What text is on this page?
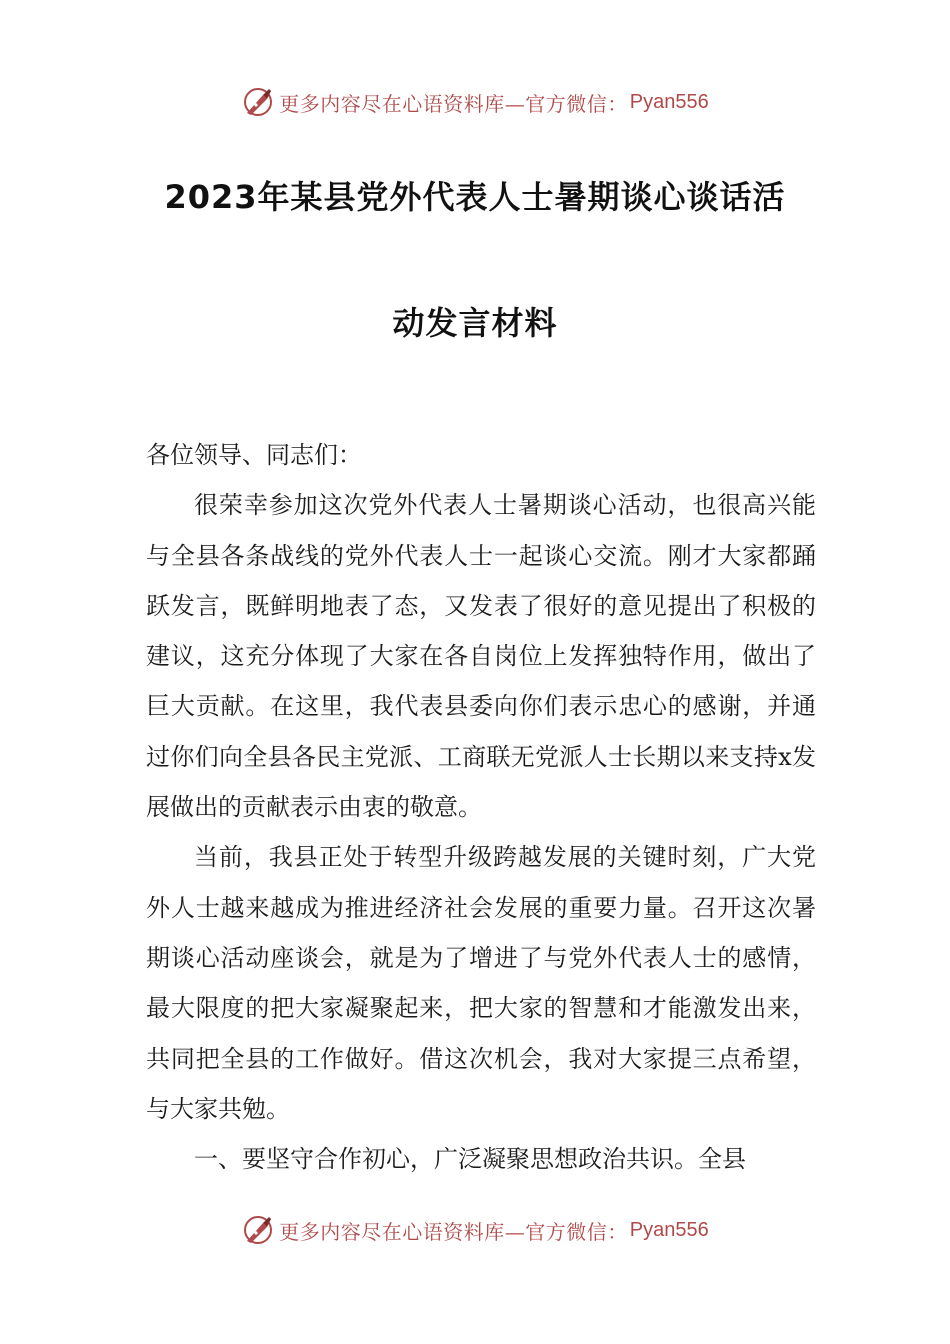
更多内容尽在心语资料库—官方微信： Pyan556
2023年某县党外代表人士暑期谈心谈话活
动发言材料

各位领导、同志们：

很荣幸参加这次党外代表人士暑期谈心活动，也很高兴能与全县各条战线的党外代表人士一起谈心交流。刚才大家都踊跃发言，既鲜明地表了态，又发表了很好的意见提出了积极的建议，这充分体现了大家在各自岗位上发挥独特作用，做出了巨大贡献。在这里，我代表县委向你们表示忠心的感谢，并通过你们向全县各民主党派、工商联无党派人士长期以来支持x发展做出的贡献表示由衷的敬意。

当前，我县正处于转型升级跨越发展的关键时刻，广大党外人士越来越成为推进经济社会发展的重要力量。召开这次暑期谈心活动座谈会，就是为了增进了与党外代表人士的感情，最大限度的把大家凝聚起来，把大家的智慧和才能激发出来，共同把全县的工作做好。借这次机会，我对大家提三点希望，与大家共勉。

一、要坚守合作初心，广泛凝聚思想政治共识。全县

更多内容尽在心语资料库—官方微信： Pyan556
